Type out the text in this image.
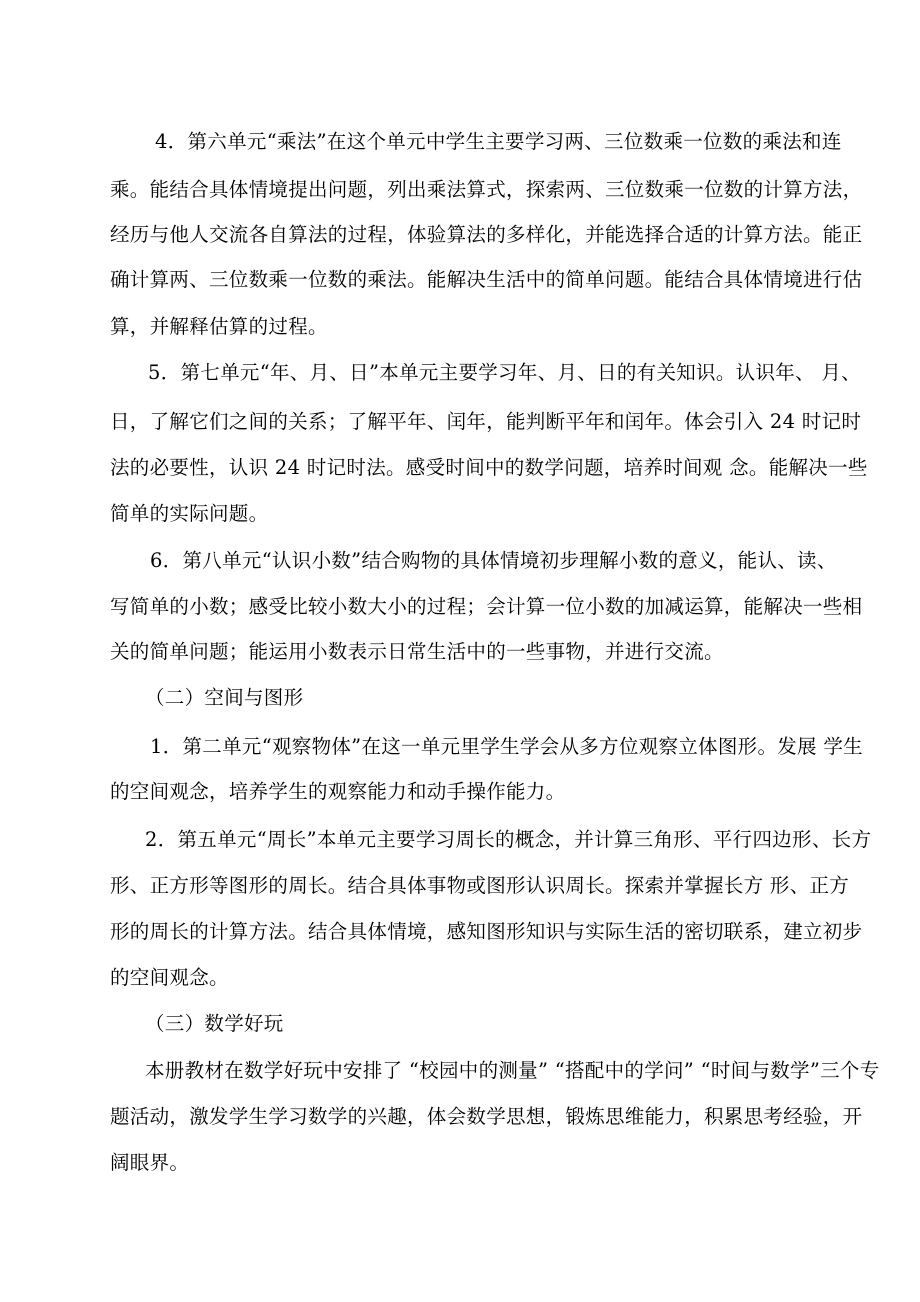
4．第六单元“乘法”在这个单元中学生主要学习两、三位数乘一位数的乘法和连
乘。能结合具体情境提出问题，列出乘法算式，探索两、三位数乘一位数的计算方法，
经历与他人交流各自算法的过程，体验算法的多样化，并能选择合适的计算方法。能正
确计算两、三位数乘一位数的乘法。能解决生活中的简单问题。能结合具体情境进行估
算，并解释估算的过程。
5．第七单元“年、月、日”本单元主要学习年、月、日的有关知识。认识年、 月、
日，了解它们之间的关系；了解平年、闰年，能判断平年和闰年。体会引入 24 时记时
法的必要性，认识 24 时记时法。感受时间中的数学问题，培养时间观 念。能解决一些
简单的实际问题。
6．第八单元“认识小数”结合购物的具体情境初步理解小数的意义，能认、读、
写简单的小数；感受比较小数大小的过程；会计算一位小数的加减运算，能解决一些相
关的简单问题；能运用小数表示日常生活中的一些事物，并进行交流。
（二）空间与图形
1．第二单元“观察物体”在这一单元里学生学会从多方位观察立体图形。发展 学生
的空间观念，培养学生的观察能力和动手操作能力。
2．第五单元“周长”本单元主要学习周长的概念，并计算三角形、平行四边形、长方
形、正方形等图形的周长。结合具体事物或图形认识周长。探索并掌握长方 形、正方
形的周长的计算方法。结合具体情境，感知图形知识与实际生活的密切联系，建立初步
的空间观念。
（三）数学好玩
本册教材在数学好玩中安排了 “校园中的测量” “搭配中的学问” “时间与数学”三个专
题活动，激发学生学习数学的兴趣，体会数学思想，锻炼思维能力，积累思考经验，开
阔眼界。
